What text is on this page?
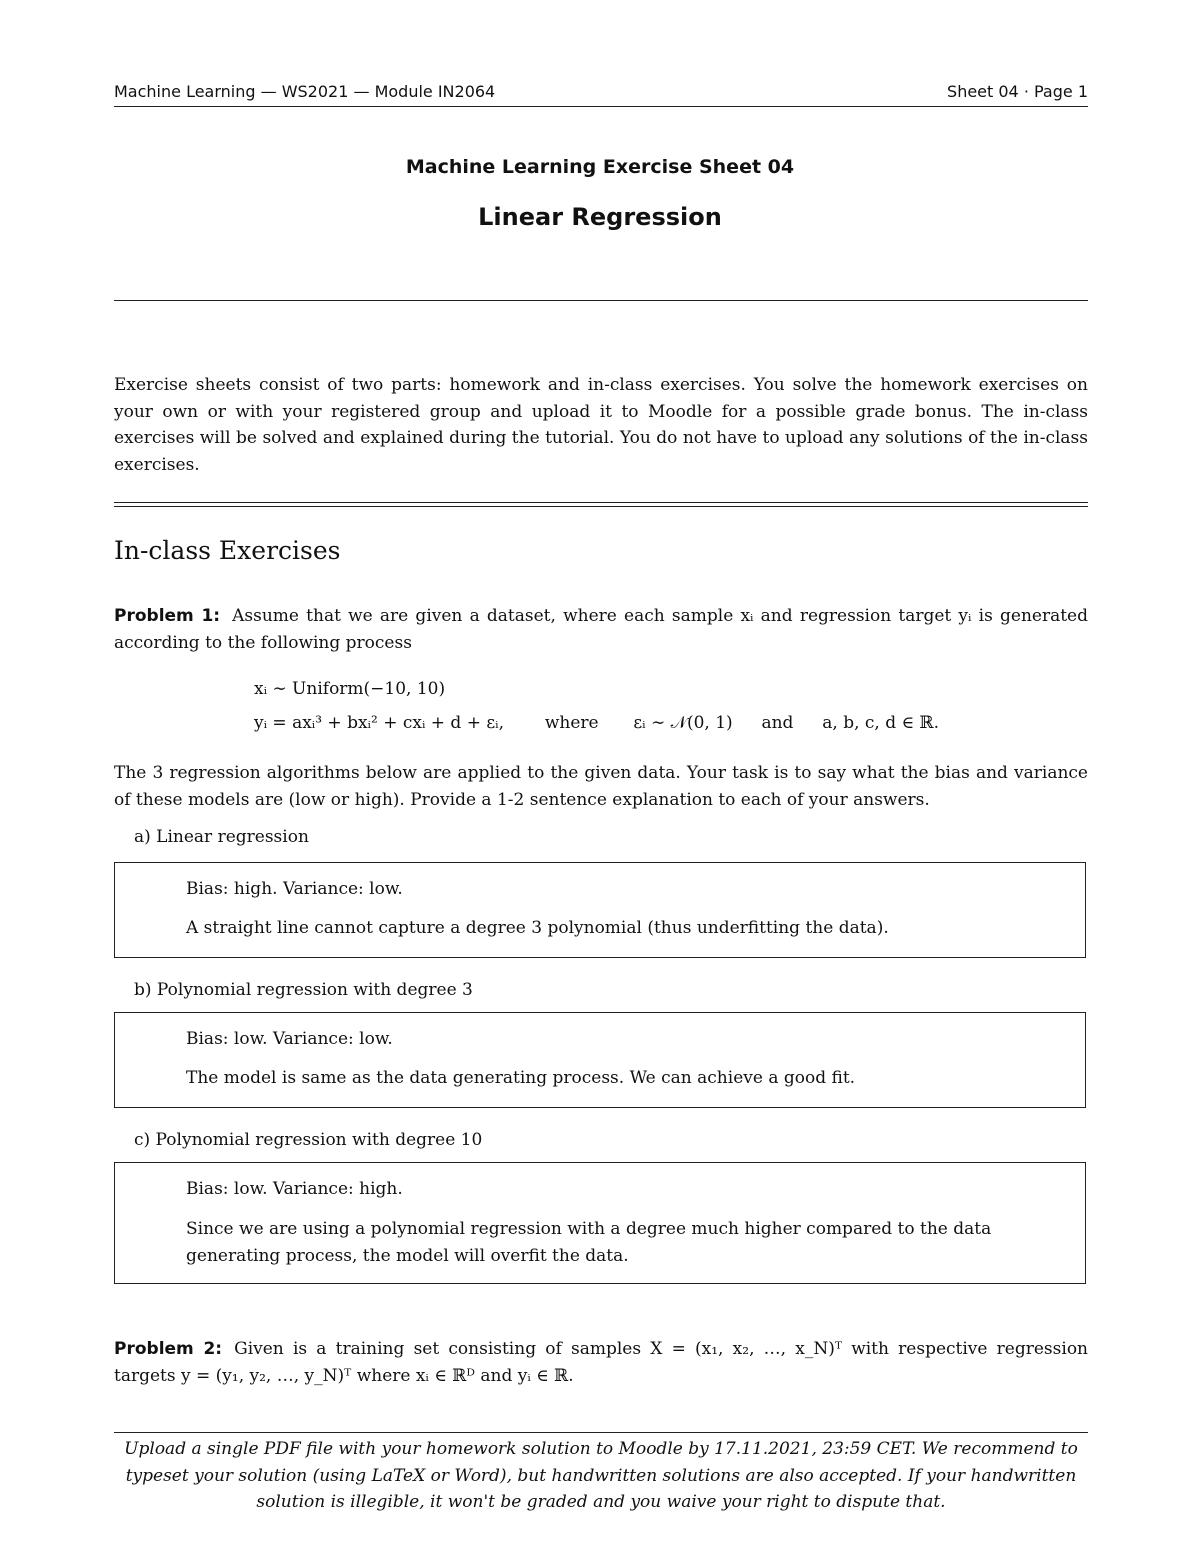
Machine Learning — WS2021 — Module IN2064	Sheet 04 · Page 1
Machine Learning Exercise Sheet 04
Linear Regression
Exercise sheets consist of two parts: homework and in-class exercises. You solve the homework exercises on your own or with your registered group and upload it to Moodle for a possible grade bonus. The in-class exercises will be solved and explained during the tutorial. You do not have to upload any solutions of the in-class exercises.
In-class Exercises
Problem 1: Assume that we are given a dataset, where each sample xᵢ and regression target yᵢ is generated according to the following process
xᵢ ∼ Uniform(−10, 10)
yᵢ = axᵢ³ + bxᵢ² + cxᵢ + d + εᵢ, where εᵢ ∼ 𝒩(0, 1) and a, b, c, d ∈ ℝ.
The 3 regression algorithms below are applied to the given data. Your task is to say what the bias and variance of these models are (low or high). Provide a 1-2 sentence explanation to each of your answers.
a) Linear regression
Bias: high. Variance: low.
A straight line cannot capture a degree 3 polynomial (thus underfitting the data).
b) Polynomial regression with degree 3
Bias: low. Variance: low.
The model is same as the data generating process. We can achieve a good fit.
c) Polynomial regression with degree 10
Bias: low. Variance: high.
Since we are using a polynomial regression with a degree much higher compared to the data generating process, the model will overfit the data.
Problem 2: Given is a training set consisting of samples X = (x₁, x₂, …, x_N)ᵀ with respective regression targets y = (y₁, y₂, …, y_N)ᵀ where xᵢ ∈ ℝᴰ and yᵢ ∈ ℝ.
Upload a single PDF file with your homework solution to Moodle by 17.11.2021, 23:59 CET. We recommend to typeset your solution (using LaTeX or Word), but handwritten solutions are also accepted. If your handwritten solution is illegible, it won't be graded and you waive your right to dispute that.
